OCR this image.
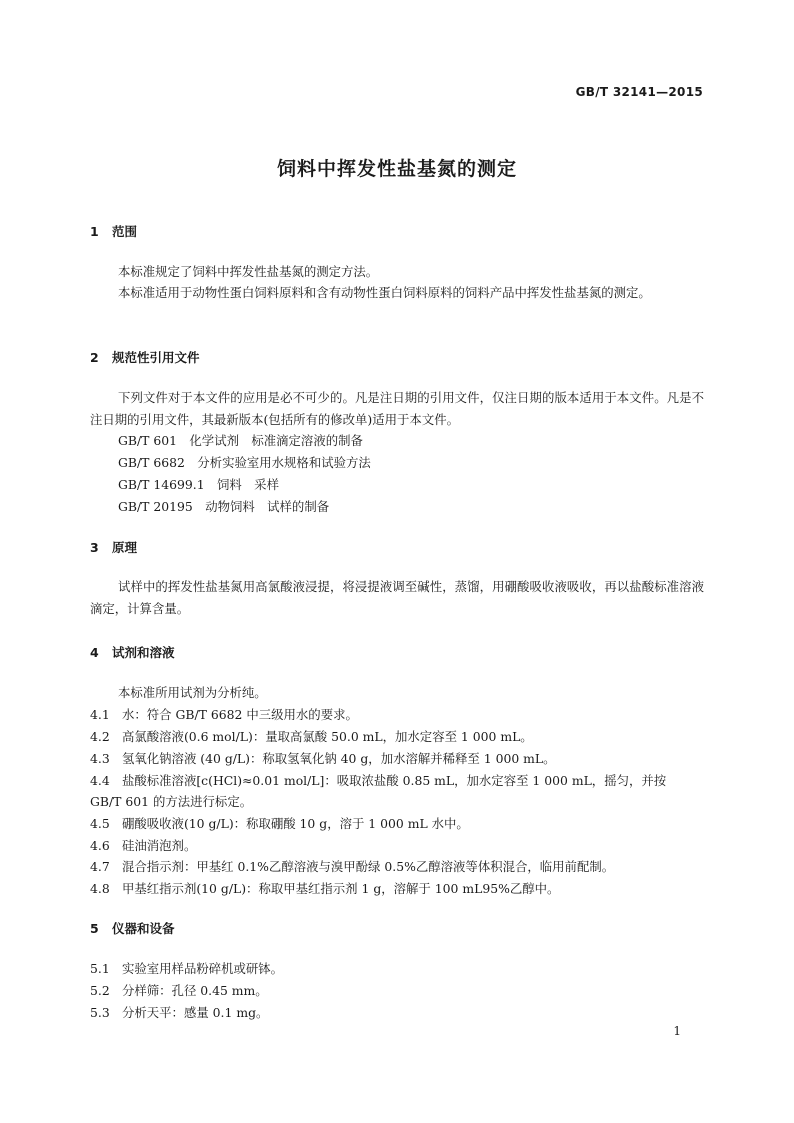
GB/T 32141—2015
饲料中挥发性盐基氮的测定
1 范围
本标准规定了饲料中挥发性盐基氮的测定方法。
本标准适用于动物性蛋白饲料原料和含有动物性蛋白饲料原料的饲料产品中挥发性盐基氮的测定。
2 规范性引用文件
下列文件对于本文件的应用是必不可少的。凡是注日期的引用文件，仅注日期的版本适用于本文件。凡是不注日期的引用文件，其最新版本(包括所有的修改单)适用于本文件。
GB/T 601　化学试剂　标准滴定溶液的制备
GB/T 6682　分析实验室用水规格和试验方法
GB/T 14699.1　饲料　采样
GB/T 20195　动物饲料　试样的制备
3 原理
试样中的挥发性盐基氮用高氯酸液浸提，将浸提液调至碱性，蒸馏，用硼酸吸收液吸收，再以盐酸标准溶液滴定，计算含量。
4 试剂和溶液
本标准所用试剂为分析纯。
4.1 水：符合 GB/T 6682 中三级用水的要求。
4.2 高氯酸溶液(0.6 mol/L)：量取高氯酸 50.0 mL，加水定容至 1 000 mL。
4.3 氢氧化钠溶液 (40 g/L)：称取氢氧化钠 40 g，加水溶解并稀释至 1 000 mL。
4.4 盐酸标准溶液[c(HCl)≈0.01 mol/L]：吸取浓盐酸 0.85 mL，加水定容至 1 000 mL，摇匀，并按
GB/T 601 的方法进行标定。
4.5 硼酸吸收液(10 g/L)：称取硼酸 10 g，溶于 1 000 mL 水中。
4.6 硅油消泡剂。
4.7 混合指示剂：甲基红 0.1%乙醇溶液与溴甲酚绿 0.5%乙醇溶液等体积混合，临用前配制。
4.8 甲基红指示剂(10 g/L)：称取甲基红指示剂 1 g，溶解于 100 mL95%乙醇中。
5 仪器和设备
5.1 实验室用样品粉碎机或研钵。
5.2 分样筛：孔径 0.45 mm。
5.3 分析天平：感量 0.1 mg。
1
